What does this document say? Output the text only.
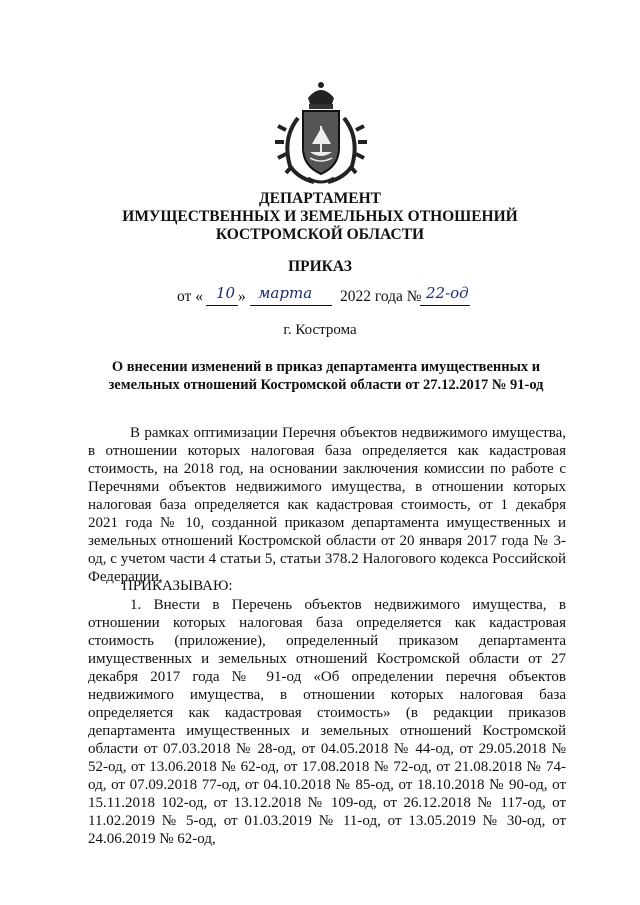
ДЕПАРТАМЕНТ
ИМУЩЕСТВЕННЫХ И ЗЕМЕЛЬНЫХ ОТНОШЕНИЙ
КОСТРОМСКОЙ ОБЛАСТИ
ПРИКАЗ
от « 10 » марта 2022 года № 22-од
г. Кострома
О внесении изменений в приказ департамента имущественных и
земельных отношений Костромской области от 27.12.2017 № 91-од

В рамках оптимизации Перечня объектов недвижимого имущества, в отношении которых налоговая база определяется как кадастровая стоимость, на 2018 год, на основании заключения комиссии по работе с Перечнями объектов недвижимого имущества, в отношении которых налоговая база определяется как кадастровая стоимость, от 1 декабря 2021 года № 10, созданной приказом департамента имущественных и земельных отношений Костромской области от 20 января 2017 года № 3-од, с учетом части 4 статьи 5, статьи 378.2 Налогового кодекса Российской Федерации,

ПРИКАЗЫВАЮ:

1. Внести в Перечень объектов недвижимого имущества, в отношении которых налоговая база определяется как кадастровая стоимость (приложение), определенный приказом департамента имущественных и земельных отношений Костромской области от 27 декабря 2017 года № 91-од «Об определении перечня объектов недвижимого имущества, в отношении которых налоговая база определяется как кадастровая стоимость» (в редакции приказов департамента имущественных и земельных отношений Костромской области от 07.03.2018 № 28-од, от 04.05.2018 № 44-од, от 29.05.2018 № 52-од, от 13.06.2018 № 62-од, от 17.08.2018 № 72-од, от 21.08.2018 № 74-од, от 07.09.2018 77-од, от 04.10.2018 № 85-од, от 18.10.2018 № 90-од, от 15.11.2018 102-од, от 13.12.2018 № 109-од, от 26.12.2018 № 117-од, от 11.02.2019 № 5-од, от 01.03.2019 № 11-од, от 13.05.2019 № 30-од, от 24.06.2019 № 62-од,
